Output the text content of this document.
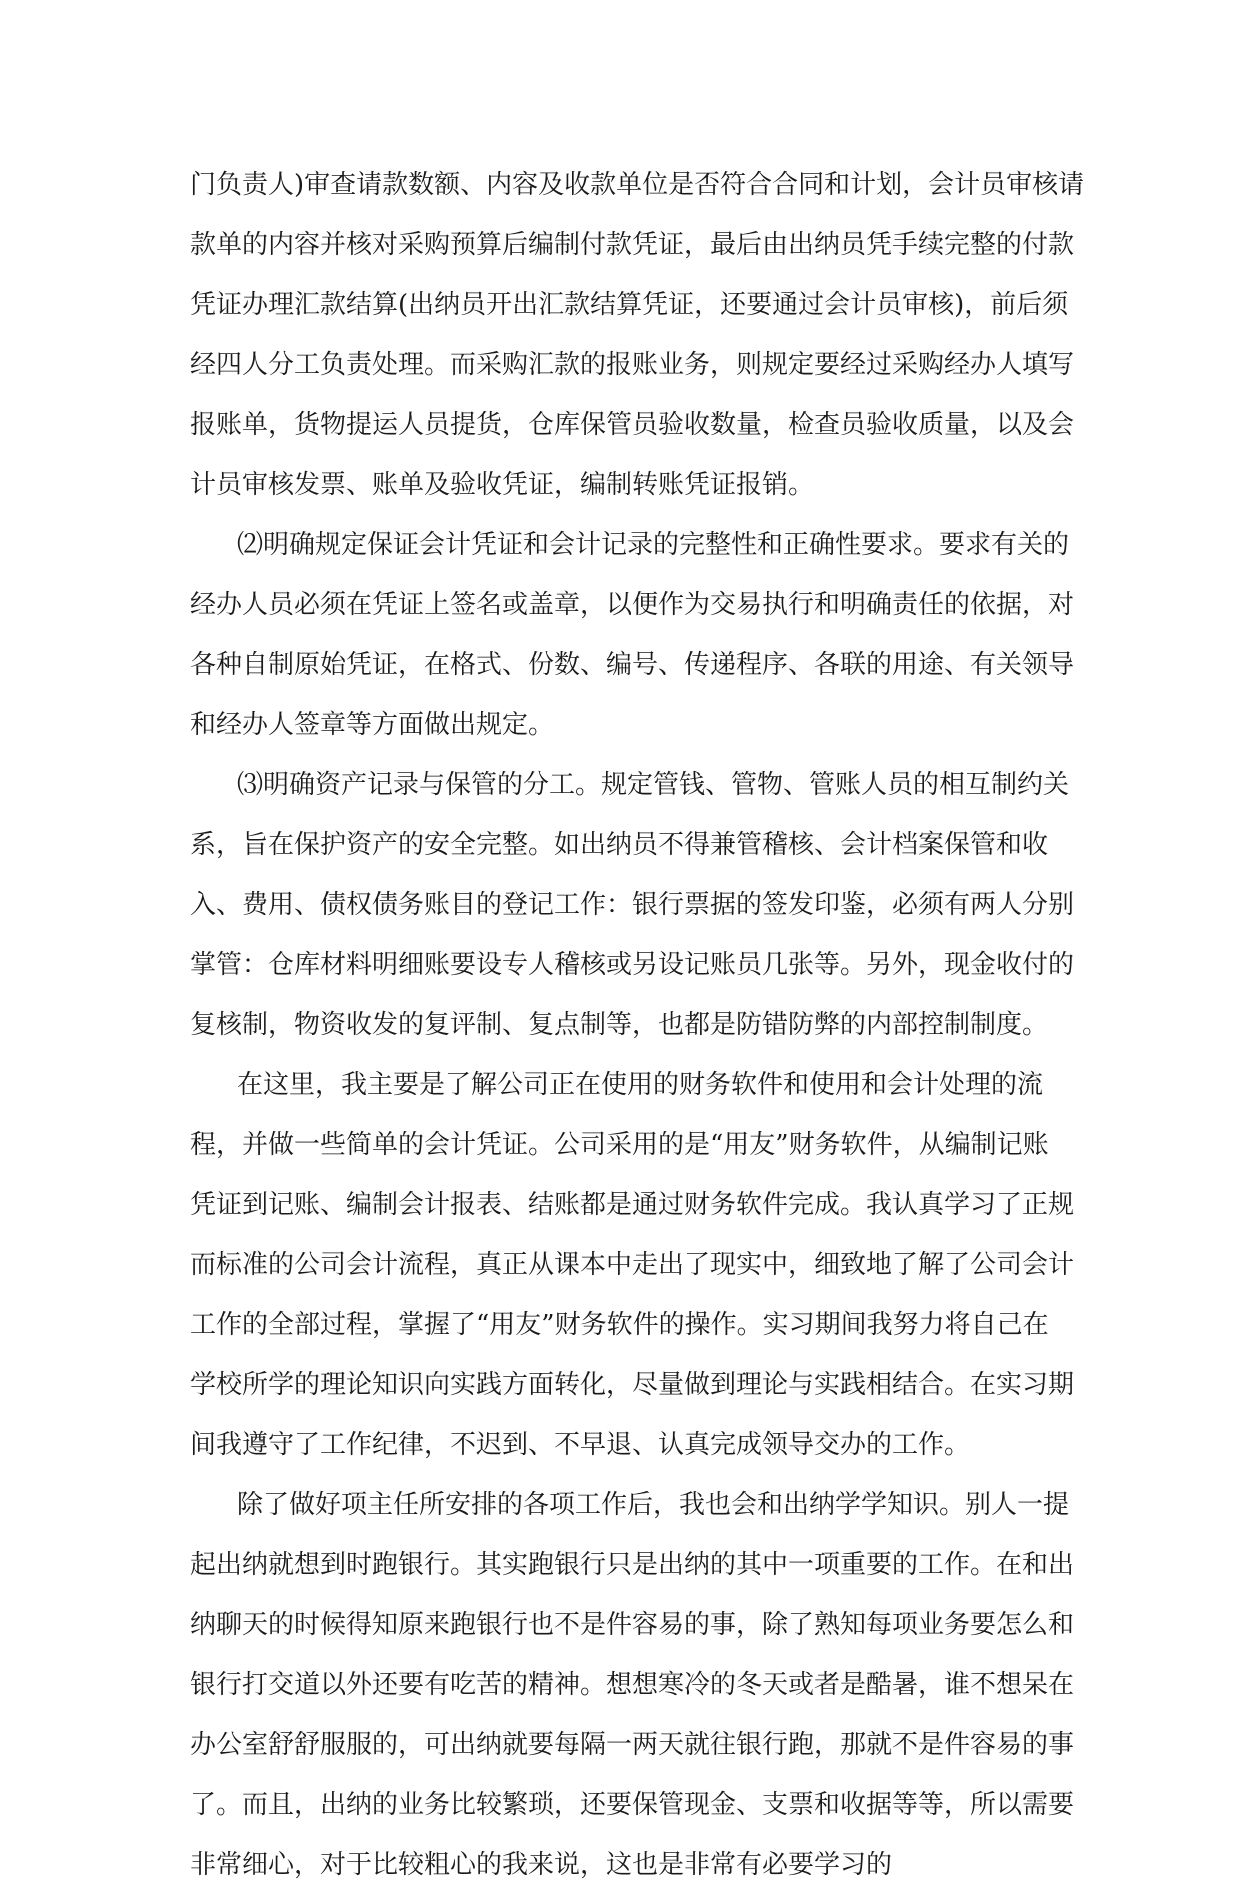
门负责人)审查请款数额、内容及收款单位是否符合合同和计划，会计员审核请
款单的内容并核对采购预算后编制付款凭证，最后由出纳员凭手续完整的付款
凭证办理汇款结算(出纳员开出汇款结算凭证，还要通过会计员审核)，前后须
经四人分工负责处理。而采购汇款的报账业务，则规定要经过采购经办人填写
报账单，货物提运人员提货，仓库保管员验收数量，检查员验收质量，以及会
计员审核发票、账单及验收凭证，编制转账凭证报销。
⑵明确规定保证会计凭证和会计记录的完整性和正确性要求。要求有关的
经办人员必须在凭证上签名或盖章，以便作为交易执行和明确责任的依据，对
各种自制原始凭证，在格式、份数、编号、传递程序、各联的用途、有关领导
和经办人签章等方面做出规定。
⑶明确资产记录与保管的分工。规定管钱、管物、管账人员的相互制约关
系，旨在保护资产的安全完整。如出纳员不得兼管稽核、会计档案保管和收
入、费用、债权债务账目的登记工作：银行票据的签发印鉴，必须有两人分别
掌管：仓库材料明细账要设专人稽核或另设记账员几张等。另外，现金收付的
复核制，物资收发的复评制、复点制等，也都是防错防弊的内部控制制度。
在这里，我主要是了解公司正在使用的财务软件和使用和会计处理的流
程，并做一些简单的会计凭证。公司采用的是“用友”财务软件，从编制记账
凭证到记账、编制会计报表、结账都是通过财务软件完成。我认真学习了正规
而标准的公司会计流程，真正从课本中走出了现实中，细致地了解了公司会计
工作的全部过程，掌握了“用友”财务软件的操作。实习期间我努力将自己在
学校所学的理论知识向实践方面转化，尽量做到理论与实践相结合。在实习期
间我遵守了工作纪律，不迟到、不早退、认真完成领导交办的工作。
除了做好项主任所安排的各项工作后，我也会和出纳学学知识。别人一提
起出纳就想到时跑银行。其实跑银行只是出纳的其中一项重要的工作。在和出
纳聊天的时候得知原来跑银行也不是件容易的事，除了熟知每项业务要怎么和
银行打交道以外还要有吃苦的精神。想想寒冷的冬天或者是酷暑，谁不想呆在
办公室舒舒服服的，可出纳就要每隔一两天就往银行跑，那就不是件容易的事
了。而且，出纳的业务比较繁琐，还要保管现金、支票和收据等等，所以需要
非常细心，对于比较粗心的我来说，这也是非常有必要学习的
